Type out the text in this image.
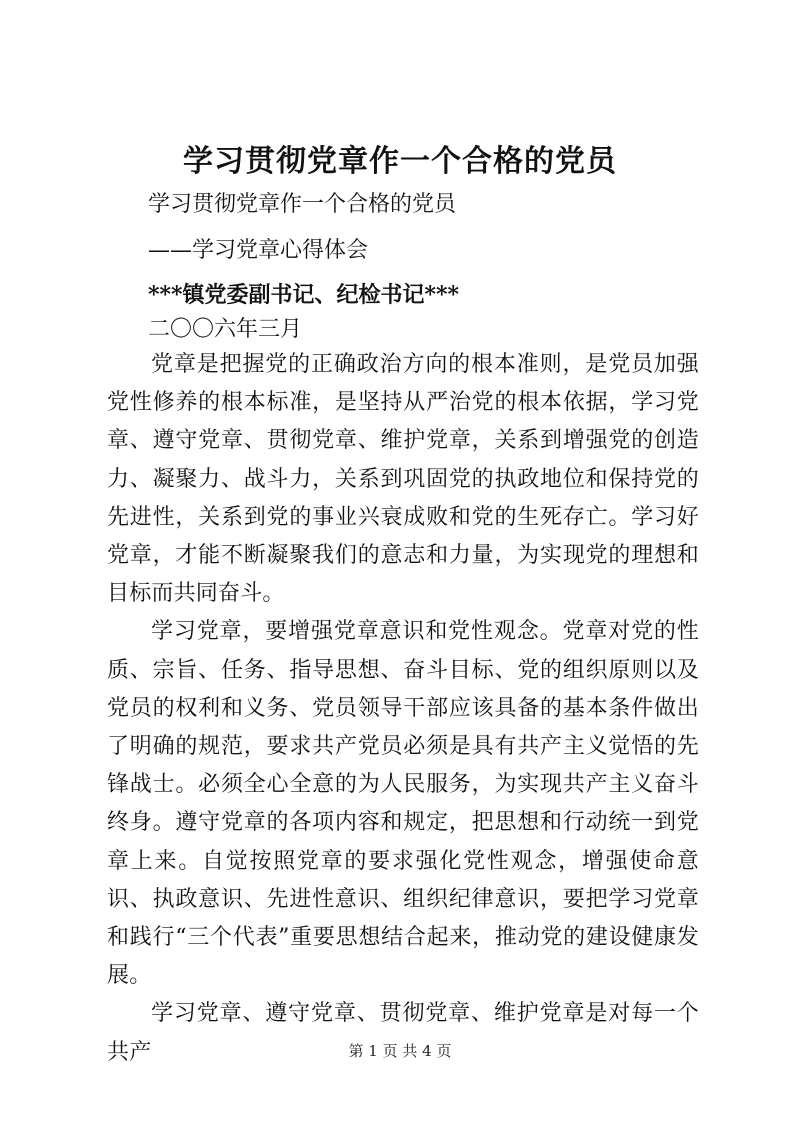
学习贯彻党章作一个合格的党员

学习贯彻党章作一个合格的党员

——学习党章心得体会

***镇党委副书记、纪检书记***

二〇〇六年三月

党章是把握党的正确政治方向的根本准则，是党员加强党性修养的根本标准，是坚持从严治党的根本依据，学习党章、遵守党章、贯彻党章、维护党章，关系到增强党的创造力、凝聚力、战斗力，关系到巩固党的执政地位和保持党的先进性，关系到党的事业兴衰成败和党的生死存亡。学习好党章，才能不断凝聚我们的意志和力量，为实现党的理想和目标而共同奋斗。

学习党章，要增强党章意识和党性观念。党章对党的性质、宗旨、任务、指导思想、奋斗目标、党的组织原则以及党员的权利和义务、党员领导干部应该具备的基本条件做出了明确的规范，要求共产党员必须是具有共产主义觉悟的先锋战士。必须全心全意的为人民服务，为实现共产主义奋斗终身。遵守党章的各项内容和规定，把思想和行动统一到党章上来。自觉按照党章的要求强化党性观念，增强使命意识、执政意识、先进性意识、组织纪律意识，要把学习党章和践行“三个代表”重要思想结合起来，推动党的建设健康发展。

学习党章、遵守党章、贯彻党章、维护党章是对每一个共产	第 1 页 共 4 页
